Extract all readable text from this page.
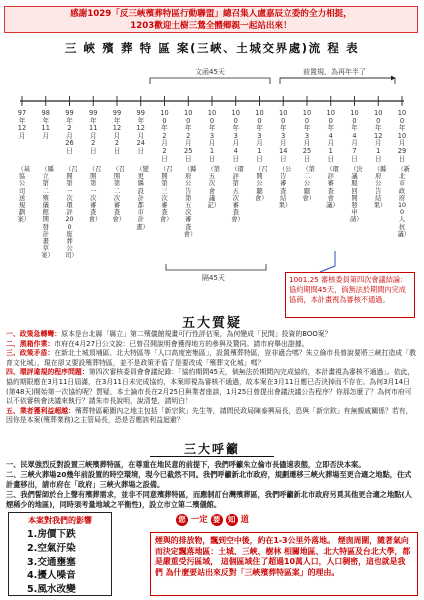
感謝1029「反三峽殯葬特區行動聯盟」總召集人盧嘉辰立委的全力相挺，
1203歡迎土樹三鶯全體鄉親一起站出來！
三 峽 殯 葬 特 區 案(三峽、土城交界處)流 程 表
文函45天	前置規、為再年半了
隔45天
97年12月
（基協公司送規劃案）
98年11月
（縣立第二殯儀館開發計畫草案）
99年2月26日
（召開第一次環評200座葬公司）
99年11月2日
（召開第一次審查會）
99年12月2日
（召開第二次審查會）
99年12月24日
（變更縣設計都市計畫）
100年2月2日
（召開第三次審查會）
100年2月25日
（縣府公告第五次審查會）
100年3月1日
（第五次會議記）
100年3月4日
（環評第五次審查會）
100年3月1日
（召開公聽會）
100年3月14日
（公告審查結果）
100年3月25日
（第二公聽會）
100年4月1日
（環評審查會議）
100年4月7日
（決議駁回開發申請）
100年12月1日
（縣府公告結果）
100年10月29日
（新北市政府100人抗議）
1001.25 審核委員第四次會議結論：
協約期間45天，倘無法於期間內完成協商，本計畫視為審核不通過。
五大質疑
一、政策急轉彎：原本是台北縣「縣立」第二殯儀館規畫可行性評估案，為何變成「民間」投資的BOO案？
二、黑箱作業：市府在4月27日公文說：已曾召開說明會獲得地方的參與及贊同。請市府舉出證據。
三、政策矛盾：在新北土城頂埔區、北大特區等「人口高度密集區」，設置殯葬特區，豈非適合嗎？朱立倫市長曾說要將三峽打造成「教育文化城」，現在卻又要設殯葬特區，並不是政策矛盾了是要改成「殯葬文化城」嗎？
四、環評違規的程序問題：第四次審核委員會會議紀錄：「協約期間45天，倘無法於期間內完成協約，本計畫視為審核不通過」。依此，協約期限應在3月11日屆滿，在3月11日未完成協約，本案即視為審核不通過，故本案在3月11日應已否決掉而不存在。為何3月14日(第48天)開始第一次協約呢？質疑，本土論市長在2月25日與業者座談，1月25日曾提出會議決議公告程序？你那怎麼了？為何市府可以不依審核會決議來執行？請朱市長說明，說清楚，請明白！
五、業者獲利益超越：殯葬特區範圍內之地主包括「新宗欽」先生等，請問民政局陳泰興局長，恐與「新宗欽」有無親戚關係？若有，因你是本案(殯葬業務)之主管局長，恐是否應該利益迴避？
三大呼籲
一、民眾強烈反對設置三峽殯葬特區，在尊重在地民意的前提下，我們呼籲朱立倫市長儘速表態，立即否決本案。
二、三峽火葬場20幾年前設置的時空環境，現今已截然不同。我們呼籲新北市政府，規劃遷移三峽火葬場至更合適之地點，住式計畫移出，請市府在「政府」三峽火葬場之設備。
三、我們誓師於台上聲有殯葬需求，並非不同意殯葬特區，而應制訂台灣殯葬區，我們呼籲新北市政府另覓其他更合適之地點(人煙稀少的地區)，同時須考量地域之平衡性)，設立市立第二殯儀館。
本案對我們的影響
1.房價下跌
2.空氣汙染
3.交通壅塞
4.擾人噪音
5.風水改變
您 一定 要 知 道
煙與的排放物，飄到空中後，約在1-3公里外落地。 煙囪周圍，隨著氣向而決定飄落地區：土城、三峽、樹林 相關地區、北大特區及台北大學，都是嚴重受污區域， 這個區域住了超過10萬人口，人口稠密，這也就是我們 為什麼要站出來反對「三峽殯葬特區案」的理由。
